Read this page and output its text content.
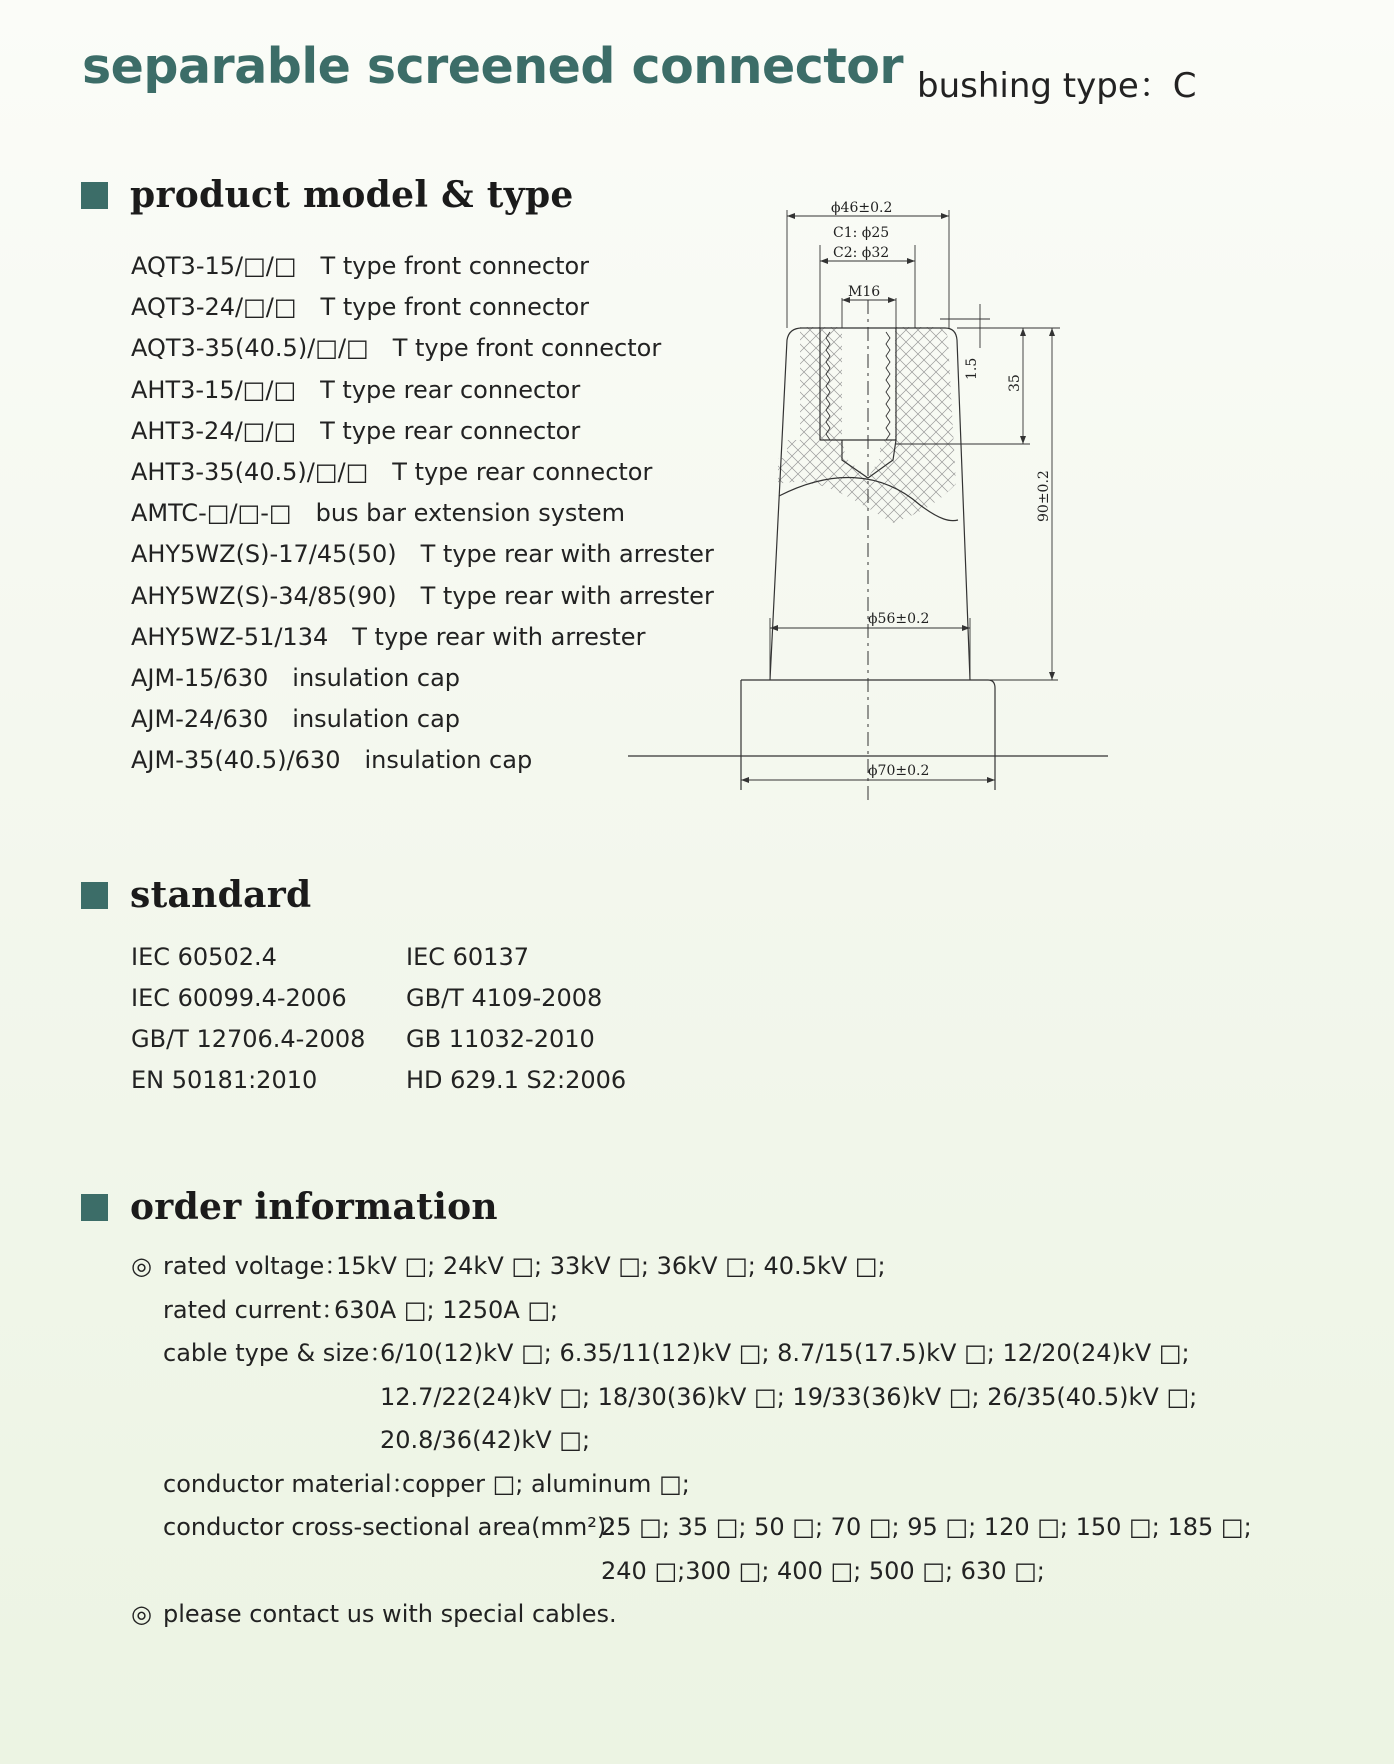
separable screened connector bushing type：C
product model & type
AQT3-15/□/□ T type front connector
AQT3-24/□/□ T type front connector
AQT3-35(40.5)/□/□ T type front connector
AHT3-15/□/□ T type rear connector
AHT3-24/□/□ T type rear connector
AHT3-35(40.5)/□/□ T type rear connector
AMTC-□/□-□ bus bar extension system
AHY5WZ(S)-17/45(50) T type rear with arrester
AHY5WZ(S)-34/85(90) T type rear with arrester
AHY5WZ-51/134 T type rear with arrester
AJM-15/630 insulation cap
AJM-24/630 insulation cap
AJM-35(40.5)/630 insulation cap
ϕ46±0.2
C1: ϕ25
C2: ϕ32
M16
1.5
35
90±0.2
ϕ56±0.2
ϕ70±0.2
standard
IEC 60502.4	IEC 60137
IEC 60099.4-2006 GB/T 4109-2008
GB/T 12706.4-2008 GB 11032-2010
EN 50181:2010	HD 629.1 S2:2006
order information
◎ rated voltage：
15kV □; 24kV □; 33kV □; 36kV □; 40.5kV □;
rated current：
630A □; 1250A □;
cable type & size：
6/10(12)kV □; 6.35/11(12)kV □; 8.7/15(17.5)kV □; 12/20(24)kV □;
12.7/22(24)kV □; 18/30(36)kV □; 19/33(36)kV □; 26/35(40.5)kV □;
20.8/36(42)kV □;
conductor material：
copper □; aluminum □;
conductor cross-sectional area(mm²)：
25 □; 35 □; 50 □; 70 □; 95 □; 120 □; 150 □; 185 □;
240 □;300 □; 400 □; 500 □; 630 □;
◎ please contact us with special cables.
